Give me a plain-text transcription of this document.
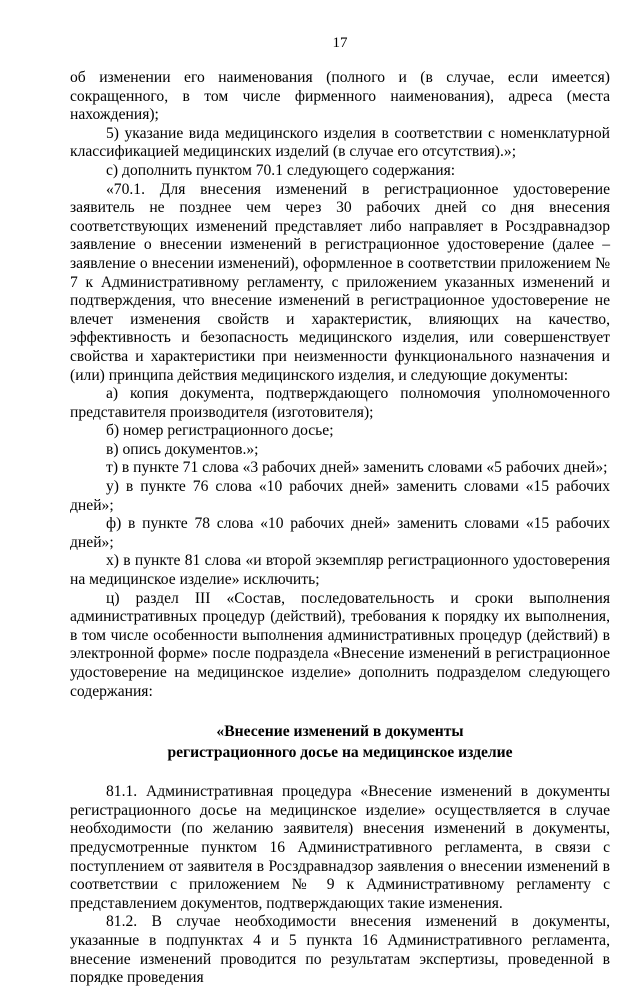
17

об изменении его наименования (полного и (в случае, если имеется) сокращенного, в том числе фирменного наименования), адреса (места нахождения);

5) указание вида медицинского изделия в соответствии с номенклатурной классификацией медицинских изделий (в случае его отсутствия).»;

с) дополнить пунктом 70.1 следующего содержания:

«70.1. Для внесения изменений в регистрационное удостоверение заявитель не позднее чем через 30 рабочих дней со дня внесения соответствующих изменений представляет либо направляет в Росздравнадзор заявление о внесении изменений в регистрационное удостоверение (далее – заявление о внесении изменений), оформленное в соответствии приложением № 7 к Административному регламенту, с приложением указанных изменений и подтверждения, что внесение изменений в регистрационное удостоверение не влечет изменения свойств и характеристик, влияющих на качество, эффективность и безопасность медицинского изделия, или совершенствует свойства и характеристики при неизменности функционального назначения и (или) принципа действия медицинского изделия, и следующие документы:

а) копия документа, подтверждающего полномочия уполномоченного представителя производителя (изготовителя);

б) номер регистрационного досье;

в) опись документов.»;

т) в пункте 71 слова «3 рабочих дней» заменить словами «5 рабочих дней»;

у) в пункте 76 слова «10 рабочих дней» заменить словами «15 рабочих дней»;

ф) в пункте 78 слова «10 рабочих дней» заменить словами «15 рабочих дней»;

х) в пункте 81 слова «и второй экземпляр регистрационного удостоверения на медицинское изделие» исключить;

ц) раздел III «Состав, последовательность и сроки выполнения административных процедур (действий), требования к порядку их выполнения, в том числе особенности выполнения административных процедур (действий) в электронной форме» после подраздела «Внесение изменений в регистрационное удостоверение на медицинское изделие» дополнить подразделом следующего содержания:

«Внесение изменений в документы
регистрационного досье на медицинское изделие

81.1. Административная процедура «Внесение изменений в документы регистрационного досье на медицинское изделие» осуществляется в случае необходимости (по желанию заявителя) внесения изменений в документы, предусмотренные пунктом 16 Административного регламента, в связи с поступлением от заявителя в Росздравнадзор заявления о внесении изменений в соответствии с приложением № 9 к Административному регламенту с представлением документов, подтверждающих такие изменения.

81.2. В случае необходимости внесения изменений в документы, указанные в подпунктах 4 и 5 пункта 16 Административного регламента, внесение изменений проводится по результатам экспертизы, проведенной в порядке проведения
